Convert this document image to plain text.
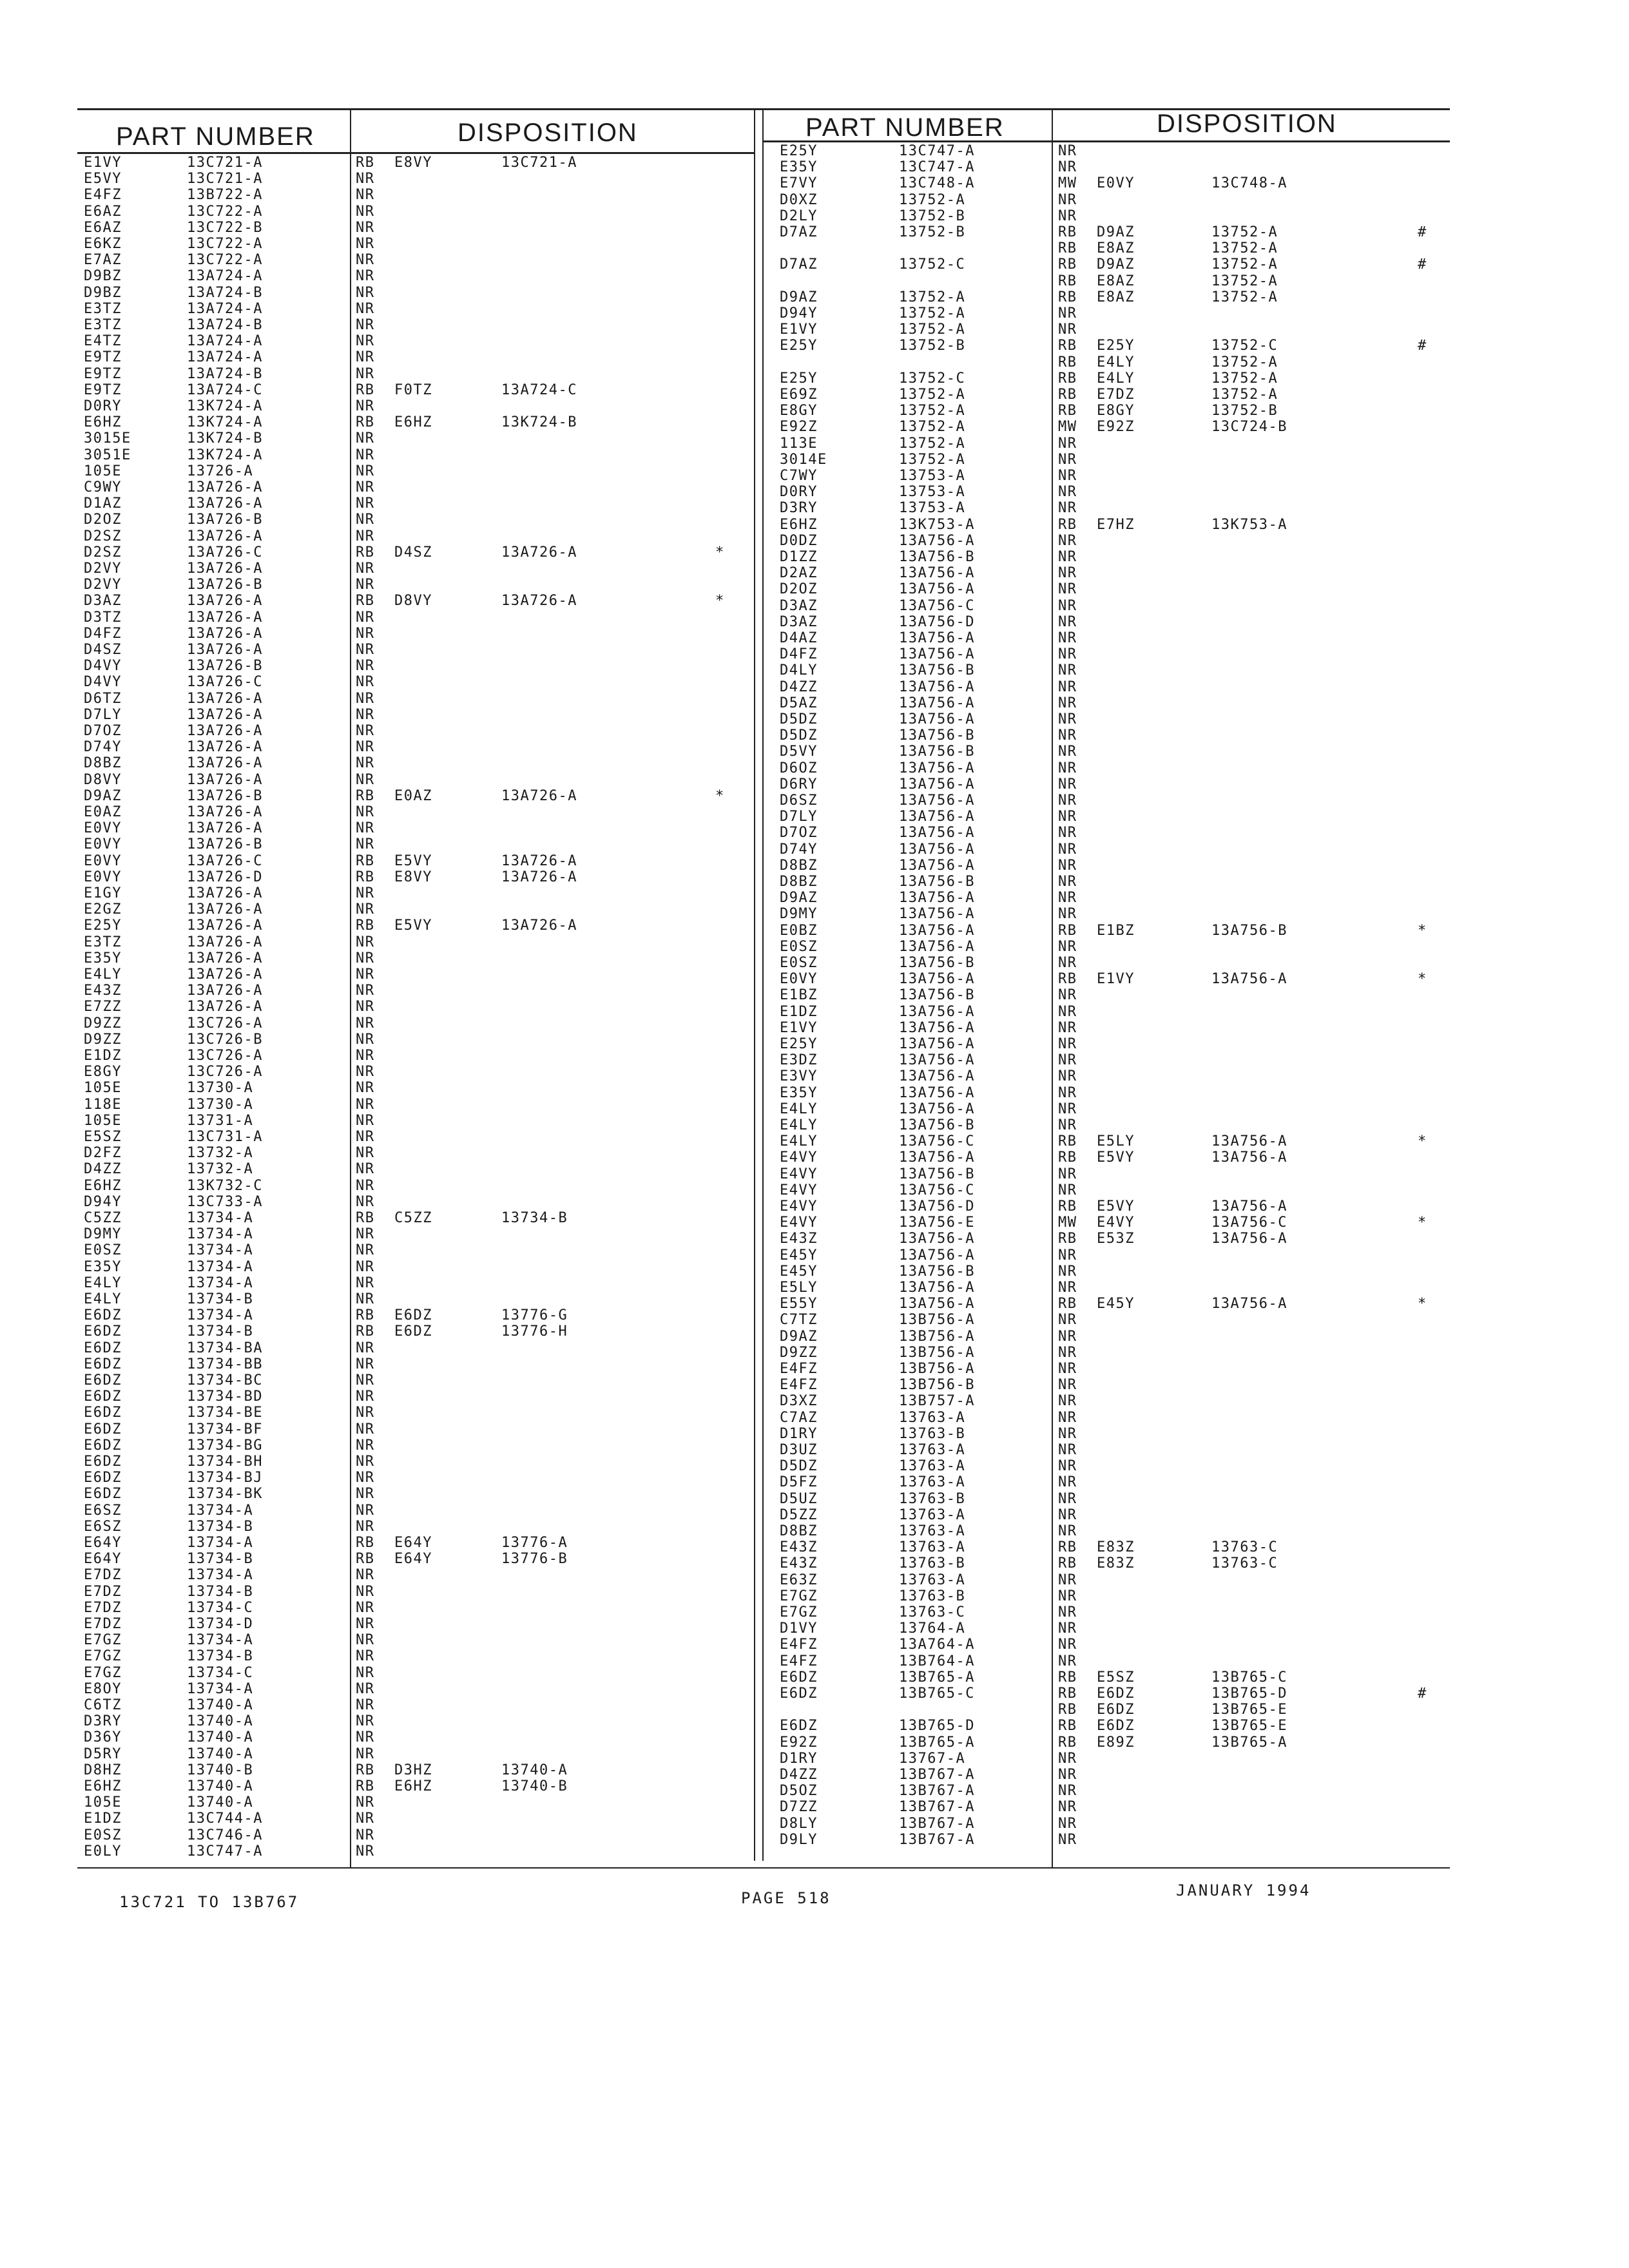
PART NUMBER	DISPOSITION	PART NUMBER	DISPOSITION
E1VY	13C721-A	RB E8VY	13C721-A
E5VY	13C721-A	NR
E4FZ	13B722-A	NR
E6AZ	13C722-A	NR
E6AZ	13C722-B	NR
E6KZ	13C722-A	NR
E7AZ	13C722-A	NR
D9BZ	13A724-A	NR
D9BZ	13A724-B	NR
E3TZ	13A724-A	NR
E3TZ	13A724-B	NR
E4TZ	13A724-A	NR
E9TZ	13A724-A	NR
E9TZ	13A724-B	NR
E9TZ	13A724-C	RB F0TZ	13A724-C
D0RY	13K724-A	NR
E6HZ	13K724-A	RB E6HZ	13K724-B
3015E	13K724-B	NR
3051E	13K724-A	NR
105E	13726-A	NR
C9WY	13A726-A	NR
D1AZ	13A726-A	NR
D2OZ	13A726-B	NR
D2SZ	13A726-A	NR
D2SZ	13A726-C	RB D4SZ	13A726-A	*
D2VY	13A726-A	NR
D2VY	13A726-B	NR
D3AZ	13A726-A	RB D8VY	13A726-A	*
D3TZ	13A726-A	NR
D4FZ	13A726-A	NR
D4SZ	13A726-A	NR
D4VY	13A726-B	NR
D4VY	13A726-C	NR
D6TZ	13A726-A	NR
D7LY	13A726-A	NR
D7OZ	13A726-A	NR
D74Y	13A726-A	NR
D8BZ	13A726-A	NR
D8VY	13A726-A	NR
D9AZ	13A726-B	RB E0AZ	13A726-A	*
E0AZ	13A726-A	NR
E0VY	13A726-A	NR
E0VY	13A726-B	NR
E0VY	13A726-C	RB E5VY	13A726-A
E0VY	13A726-D	RB E8VY	13A726-A
E1GY	13A726-A	NR
E2GZ	13A726-A	NR
E25Y	13A726-A	RB E5VY	13A726-A
E3TZ	13A726-A	NR
E35Y	13A726-A	NR
E4LY	13A726-A	NR
E43Z	13A726-A	NR
E7ZZ	13A726-A	NR
D9ZZ	13C726-A	NR
D9ZZ	13C726-B	NR
E1DZ	13C726-A	NR
E8GY	13C726-A	NR
105E	13730-A	NR
118E	13730-A	NR
105E	13731-A	NR
E5SZ	13C731-A	NR
D2FZ	13732-A	NR
D4ZZ	13732-A	NR
E6HZ	13K732-C	NR
D94Y	13C733-A	NR
C5ZZ	13734-A	RB C5ZZ	13734-B
D9MY	13734-A	NR
E0SZ	13734-A	NR
E35Y	13734-A	NR
E4LY	13734-A	NR
E4LY	13734-B	NR
E6DZ	13734-A	RB E6DZ	13776-G
E6DZ	13734-B	RB E6DZ	13776-H
E6DZ	13734-BA	NR
E6DZ	13734-BB	NR
E6DZ	13734-BC	NR
E6DZ	13734-BD	NR
E6DZ	13734-BE	NR
E6DZ	13734-BF	NR
E6DZ	13734-BG	NR
E6DZ	13734-BH	NR
E6DZ	13734-BJ	NR
E6DZ	13734-BK	NR
E6SZ	13734-A	NR
E6SZ	13734-B	NR
E64Y	13734-A	RB E64Y	13776-A
E64Y	13734-B	RB E64Y	13776-B
E7DZ	13734-A	NR
E7DZ	13734-B	NR
E7DZ	13734-C	NR
E7DZ	13734-D	NR
E7GZ	13734-A	NR
E7GZ	13734-B	NR
E7GZ	13734-C	NR
E8OY	13734-A	NR
C6TZ	13740-A	NR
D3RY	13740-A	NR
D36Y	13740-A	NR
D5RY	13740-A	NR
D8HZ	13740-B	RB D3HZ	13740-A
E6HZ	13740-A	RB E6HZ	13740-B
105E	13740-A	NR
E1DZ	13C744-A	NR
E0SZ	13C746-A	NR
E0LY	13C747-A	NR
E25Y	13C747-A	NR
E35Y	13C747-A	NR
E7VY	13C748-A	MW E0VY	13C748-A
D0XZ	13752-A	NR
D2LY	13752-B	NR
D7AZ	13752-B	RB D9AZ	13752-A	#
RB E8AZ	13752-A
D7AZ	13752-C	RB D9AZ	13752-A	#
RB E8AZ	13752-A
D9AZ	13752-A	RB E8AZ	13752-A
D94Y	13752-A	NR
E1VY	13752-A	NR
E25Y	13752-B	RB E25Y	13752-C	#
RB E4LY	13752-A
E25Y	13752-C	RB E4LY	13752-A
E69Z	13752-A	RB E7DZ	13752-A
E8GY	13752-A	RB E8GY	13752-B
E92Z	13752-A	MW E92Z	13C724-B
113E	13752-A	NR
3014E	13752-A	NR
C7WY	13753-A	NR
D0RY	13753-A	NR
D3RY	13753-A	NR
E6HZ	13K753-A	RB E7HZ	13K753-A
D0DZ	13A756-A	NR
D1ZZ	13A756-B	NR
D2AZ	13A756-A	NR
D2OZ	13A756-A	NR
D3AZ	13A756-C	NR
D3AZ	13A756-D	NR
D4AZ	13A756-A	NR
D4FZ	13A756-A	NR
D4LY	13A756-B	NR
D4ZZ	13A756-A	NR
D5AZ	13A756-A	NR
D5DZ	13A756-A	NR
D5DZ	13A756-B	NR
D5VY	13A756-B	NR
D6OZ	13A756-A	NR
D6RY	13A756-A	NR
D6SZ	13A756-A	NR
D7LY	13A756-A	NR
D7OZ	13A756-A	NR
D74Y	13A756-A	NR
D8BZ	13A756-A	NR
D8BZ	13A756-B	NR
D9AZ	13A756-A	NR
D9MY	13A756-A	NR
E0BZ	13A756-A	RB E1BZ	13A756-B	*
E0SZ	13A756-A	NR
E0SZ	13A756-B	NR
E0VY	13A756-A	RB E1VY	13A756-A	*
E1BZ	13A756-B	NR
E1DZ	13A756-A	NR
E1VY	13A756-A	NR
E25Y	13A756-A	NR
E3DZ	13A756-A	NR
E3VY	13A756-A	NR
E35Y	13A756-A	NR
E4LY	13A756-A	NR
E4LY	13A756-B	NR
E4LY	13A756-C	RB E5LY	13A756-A	*
E4VY	13A756-A	RB E5VY	13A756-A
E4VY	13A756-B	NR
E4VY	13A756-C	NR
E4VY	13A756-D	RB E5VY	13A756-A
E4VY	13A756-E	MW E4VY	13A756-C	*
E43Z	13A756-A	RB E53Z	13A756-A
E45Y	13A756-A	NR
E45Y	13A756-B	NR
E5LY	13A756-A	NR
E55Y	13A756-A	RB E45Y	13A756-A	*
C7TZ	13B756-A	NR
D9AZ	13B756-A	NR
D9ZZ	13B756-A	NR
E4FZ	13B756-A	NR
E4FZ	13B756-B	NR
D3XZ	13B757-A	NR
C7AZ	13763-A	NR
D1RY	13763-B	NR
D3UZ	13763-A	NR
D5DZ	13763-A	NR
D5FZ	13763-A	NR
D5UZ	13763-B	NR
D5ZZ	13763-A	NR
D8BZ	13763-A	NR
E43Z	13763-A	RB E83Z	13763-C
E43Z	13763-B	RB E83Z	13763-C
E63Z	13763-A	NR
E7GZ	13763-B	NR
E7GZ	13763-C	NR
D1VY	13764-A	NR
E4FZ	13A764-A	NR
E4FZ	13B764-A	NR
E6DZ	13B765-A	RB E5SZ	13B765-C
E6DZ	13B765-C	RB E6DZ	13B765-D	#
RB E6DZ	13B765-E
E6DZ	13B765-D	RB E6DZ	13B765-E
E92Z	13B765-A	RB E89Z	13B765-A
D1RY	13767-A	NR
D4ZZ	13B767-A	NR
D5OZ	13B767-A	NR
D7ZZ	13B767-A	NR
D8LY	13B767-A	NR
D9LY	13B767-A	NR
13C721 TO 13B767	PAGE 518	JANUARY 1994
